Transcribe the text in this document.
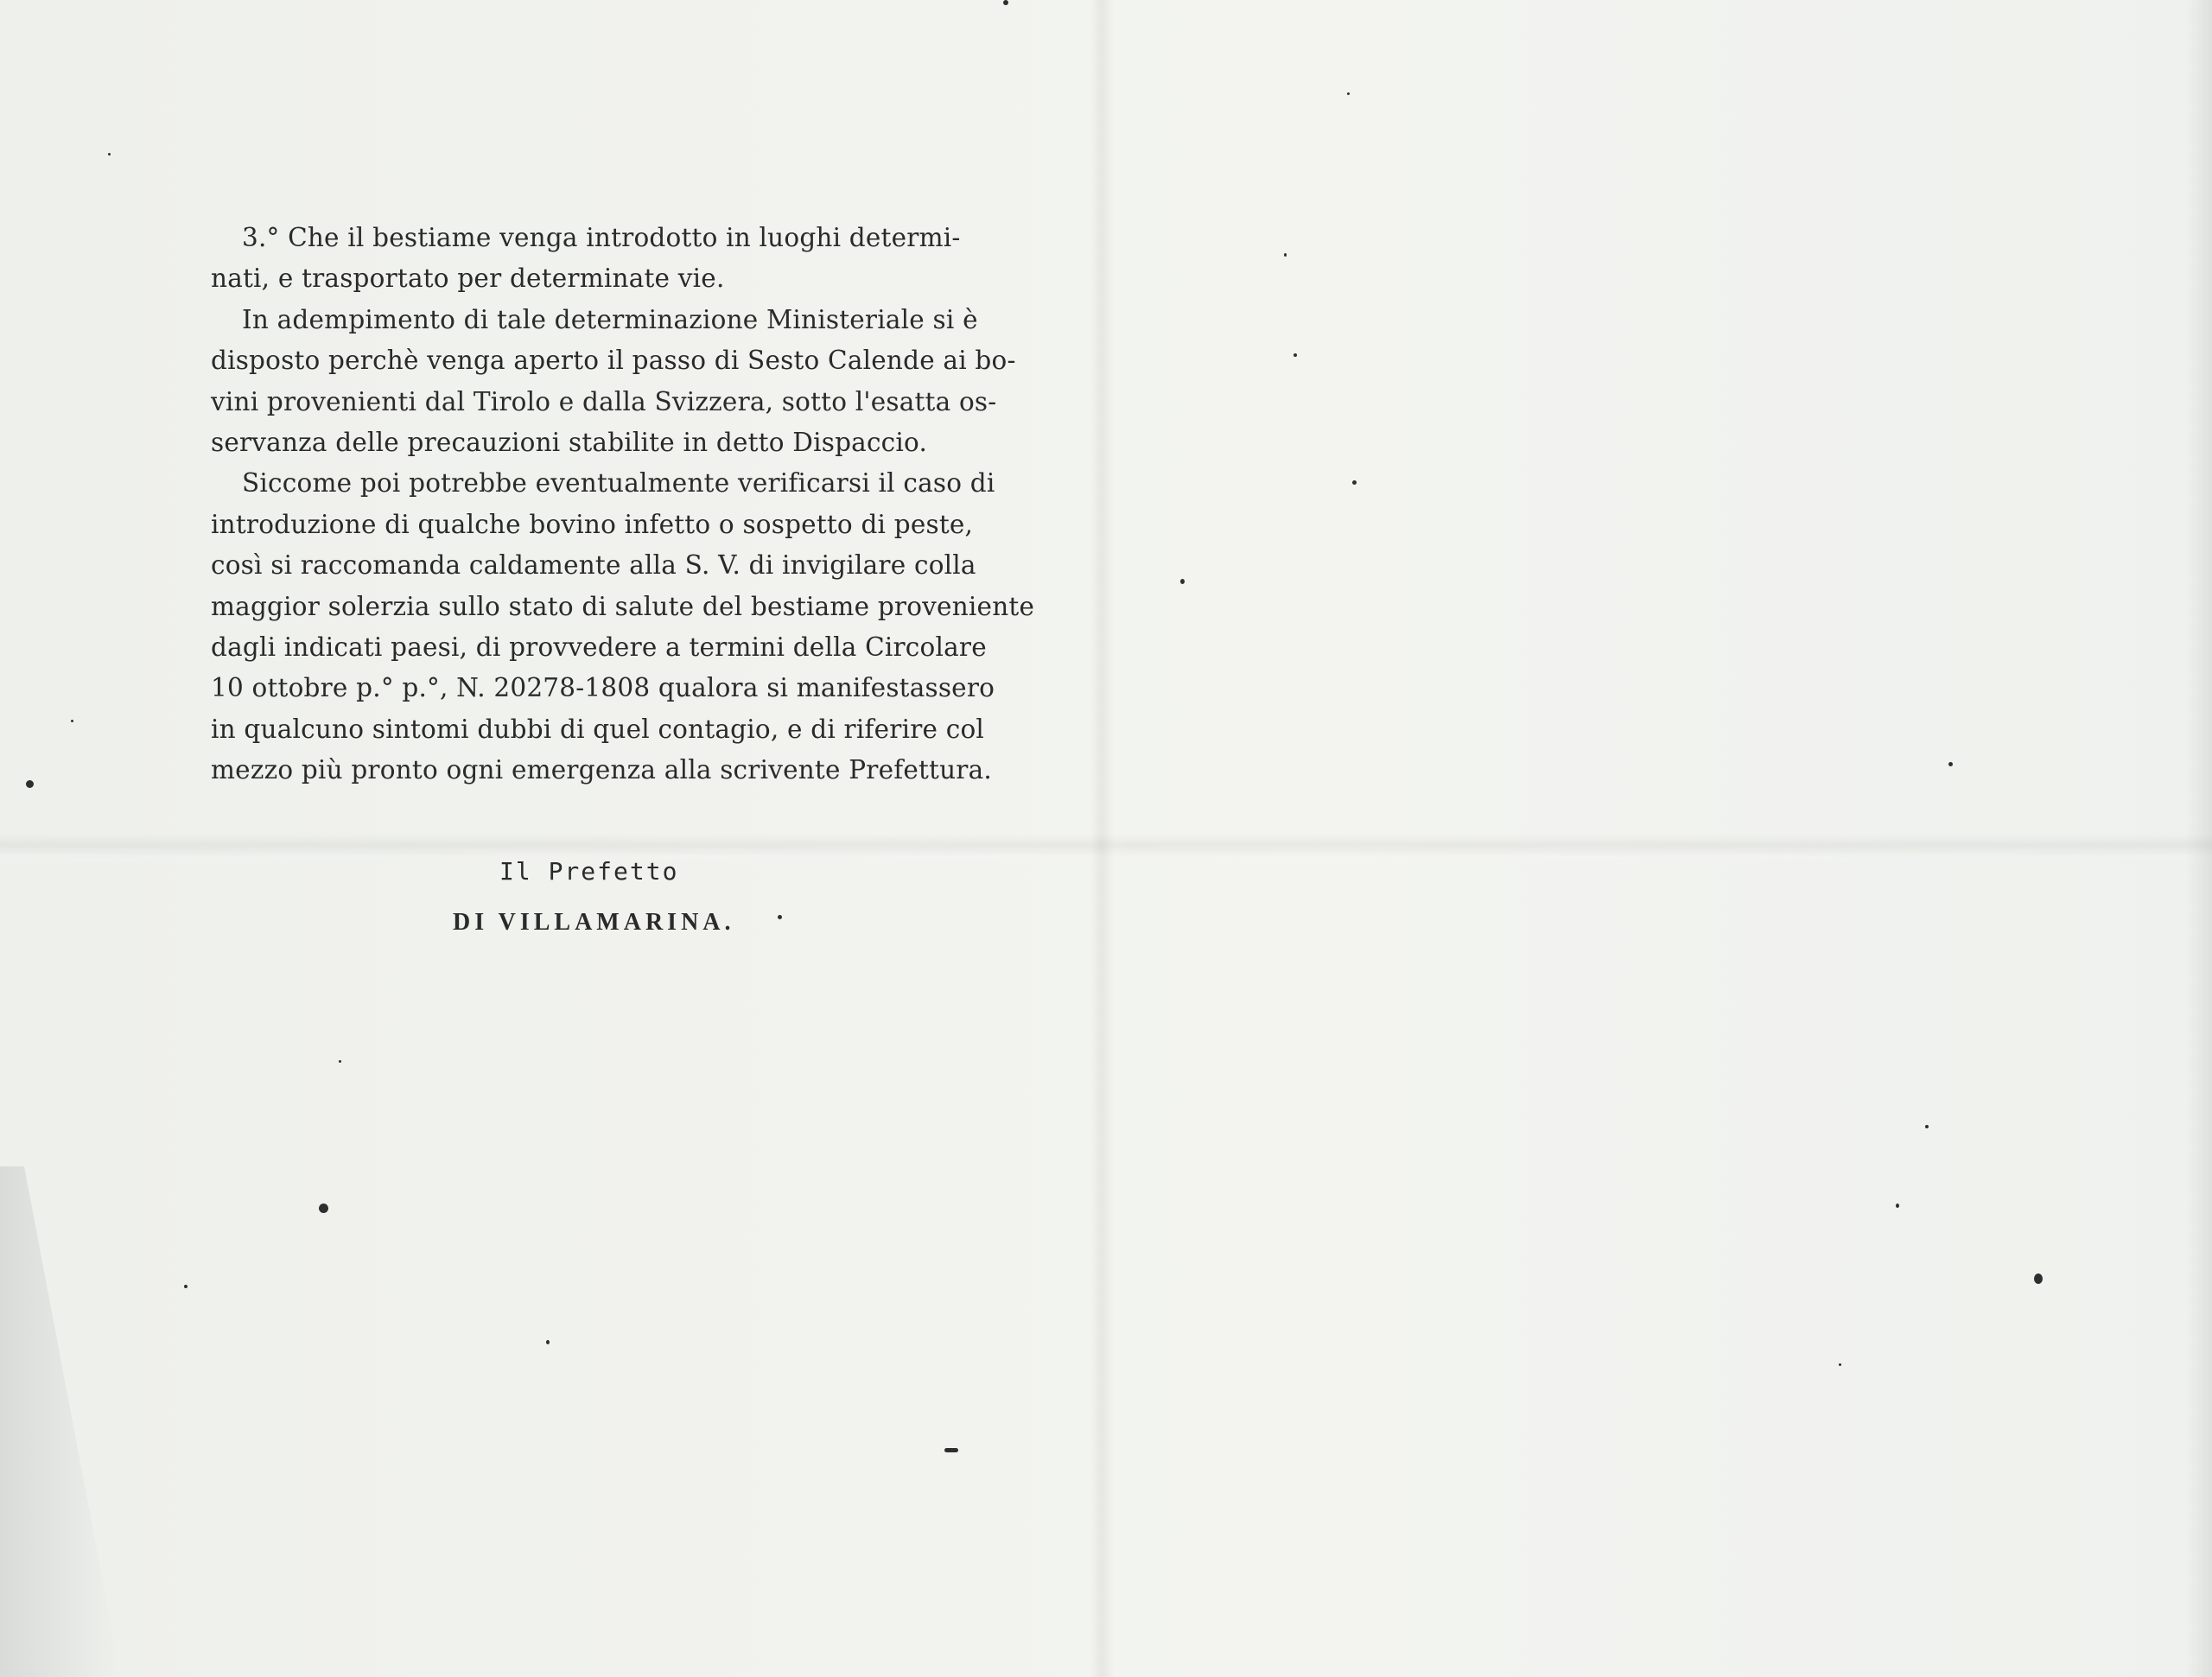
3.° Che il bestiame venga introdotto in luoghi determi-
nati, e trasportato per determinate vie.
In adempimento di tale determinazione Ministeriale si è
disposto perchè venga aperto il passo di Sesto Calende ai bo-
vini provenienti dal Tirolo e dalla Svizzera, sotto l'esatta os-
servanza delle precauzioni stabilite in detto Dispaccio.
Siccome poi potrebbe eventualmente verificarsi il caso di
introduzione di qualche bovino infetto o sospetto di peste,
così si raccomanda caldamente alla S. V. di invigilare colla
maggior solerzia sullo stato di salute del bestiame proveniente
dagli indicati paesi, di provvedere a termini della Circolare
10 ottobre p.° p.°, N. 20278-1808 qualora si manifestassero
in qualcuno sintomi dubbi di quel contagio, e di riferire col
mezzo più pronto ogni emergenza alla scrivente Prefettura.
Il Prefetto
DI VILLAMARINA.
